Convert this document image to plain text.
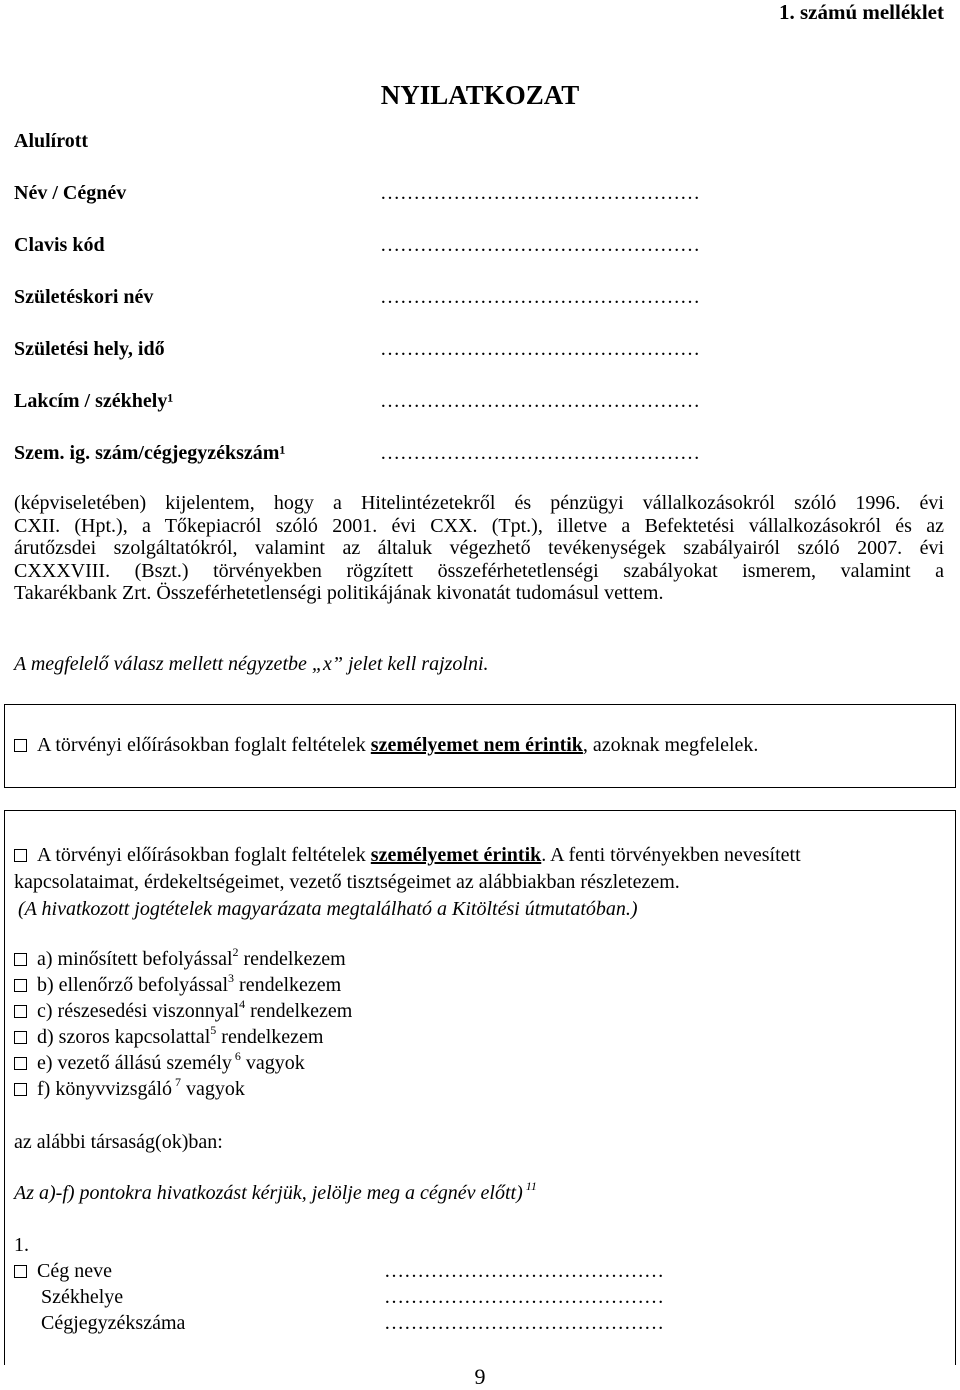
1. számú melléklet
NYILATKOZAT
Alulírott
Név / Cégnév	…………………………………………
Clavis kód	…………………………………………
Születéskori név	…………………………………………
Születési hely, idő	…………………………………………
Lakcím / székhely¹	…………………………………………
Szem. ig. szám/cégjegyzékszám¹	…………………………………………
(képviseletében) kijelentem, hogy a Hitelintézetekről és pénzügyi vállalkozásokról szóló 1996. évi
CXII. (Hpt.), a Tőkepiacról szóló 2001. évi CXX. (Tpt.), illetve a Befektetési vállalkozásokról és az
árutőzsdei szolgáltatókról, valamint az általuk végezhető tevékenységek szabályairól szóló 2007. évi
CXXXVIII. (Bszt.) törvényekben rögzített összeférhetetlenségi szabályokat ismerem, valamint a
Takarékbank Zrt. Összeférhetetlenségi politikájának kivonatát tudomásul vettem.
A megfelelő válasz mellett négyzetbe „x” jelet kell rajzolni.
A törvényi előírásokban foglalt feltételek személyemet nem érintik, azoknak megfelelek.
A törvényi előírásokban foglalt feltételek személyemet érintik. A fenti törvényekben nevesített
kapcsolataimat, érdekeltségeimet, vezető tisztségeimet az alábbiakban részletezem.
(A hivatkozott jogtételek magyarázata megtalálható a Kitöltési útmutatóban.)
a) minősített befolyással$^2$ rendelkezem
b) ellenőrző befolyással$^3$ rendelkezem
c) részesedési viszonnyal$^4$ rendelkezem
d) szoros kapcsolattal$^5$ rendelkezem
e) vezető állású személy $^6$ vagyok
f) könyvvizsgáló $^7$ vagyok
az alábbi társaság(ok)ban:
Az a)-f) pontokra hivatkozást kérjük, jelölje meg a cégnév előtt) $^{11}$
1.
Cég neve	……………………………………
Székhelye	……………………………………
Cégjegyzékszáma	……………………………………
9
